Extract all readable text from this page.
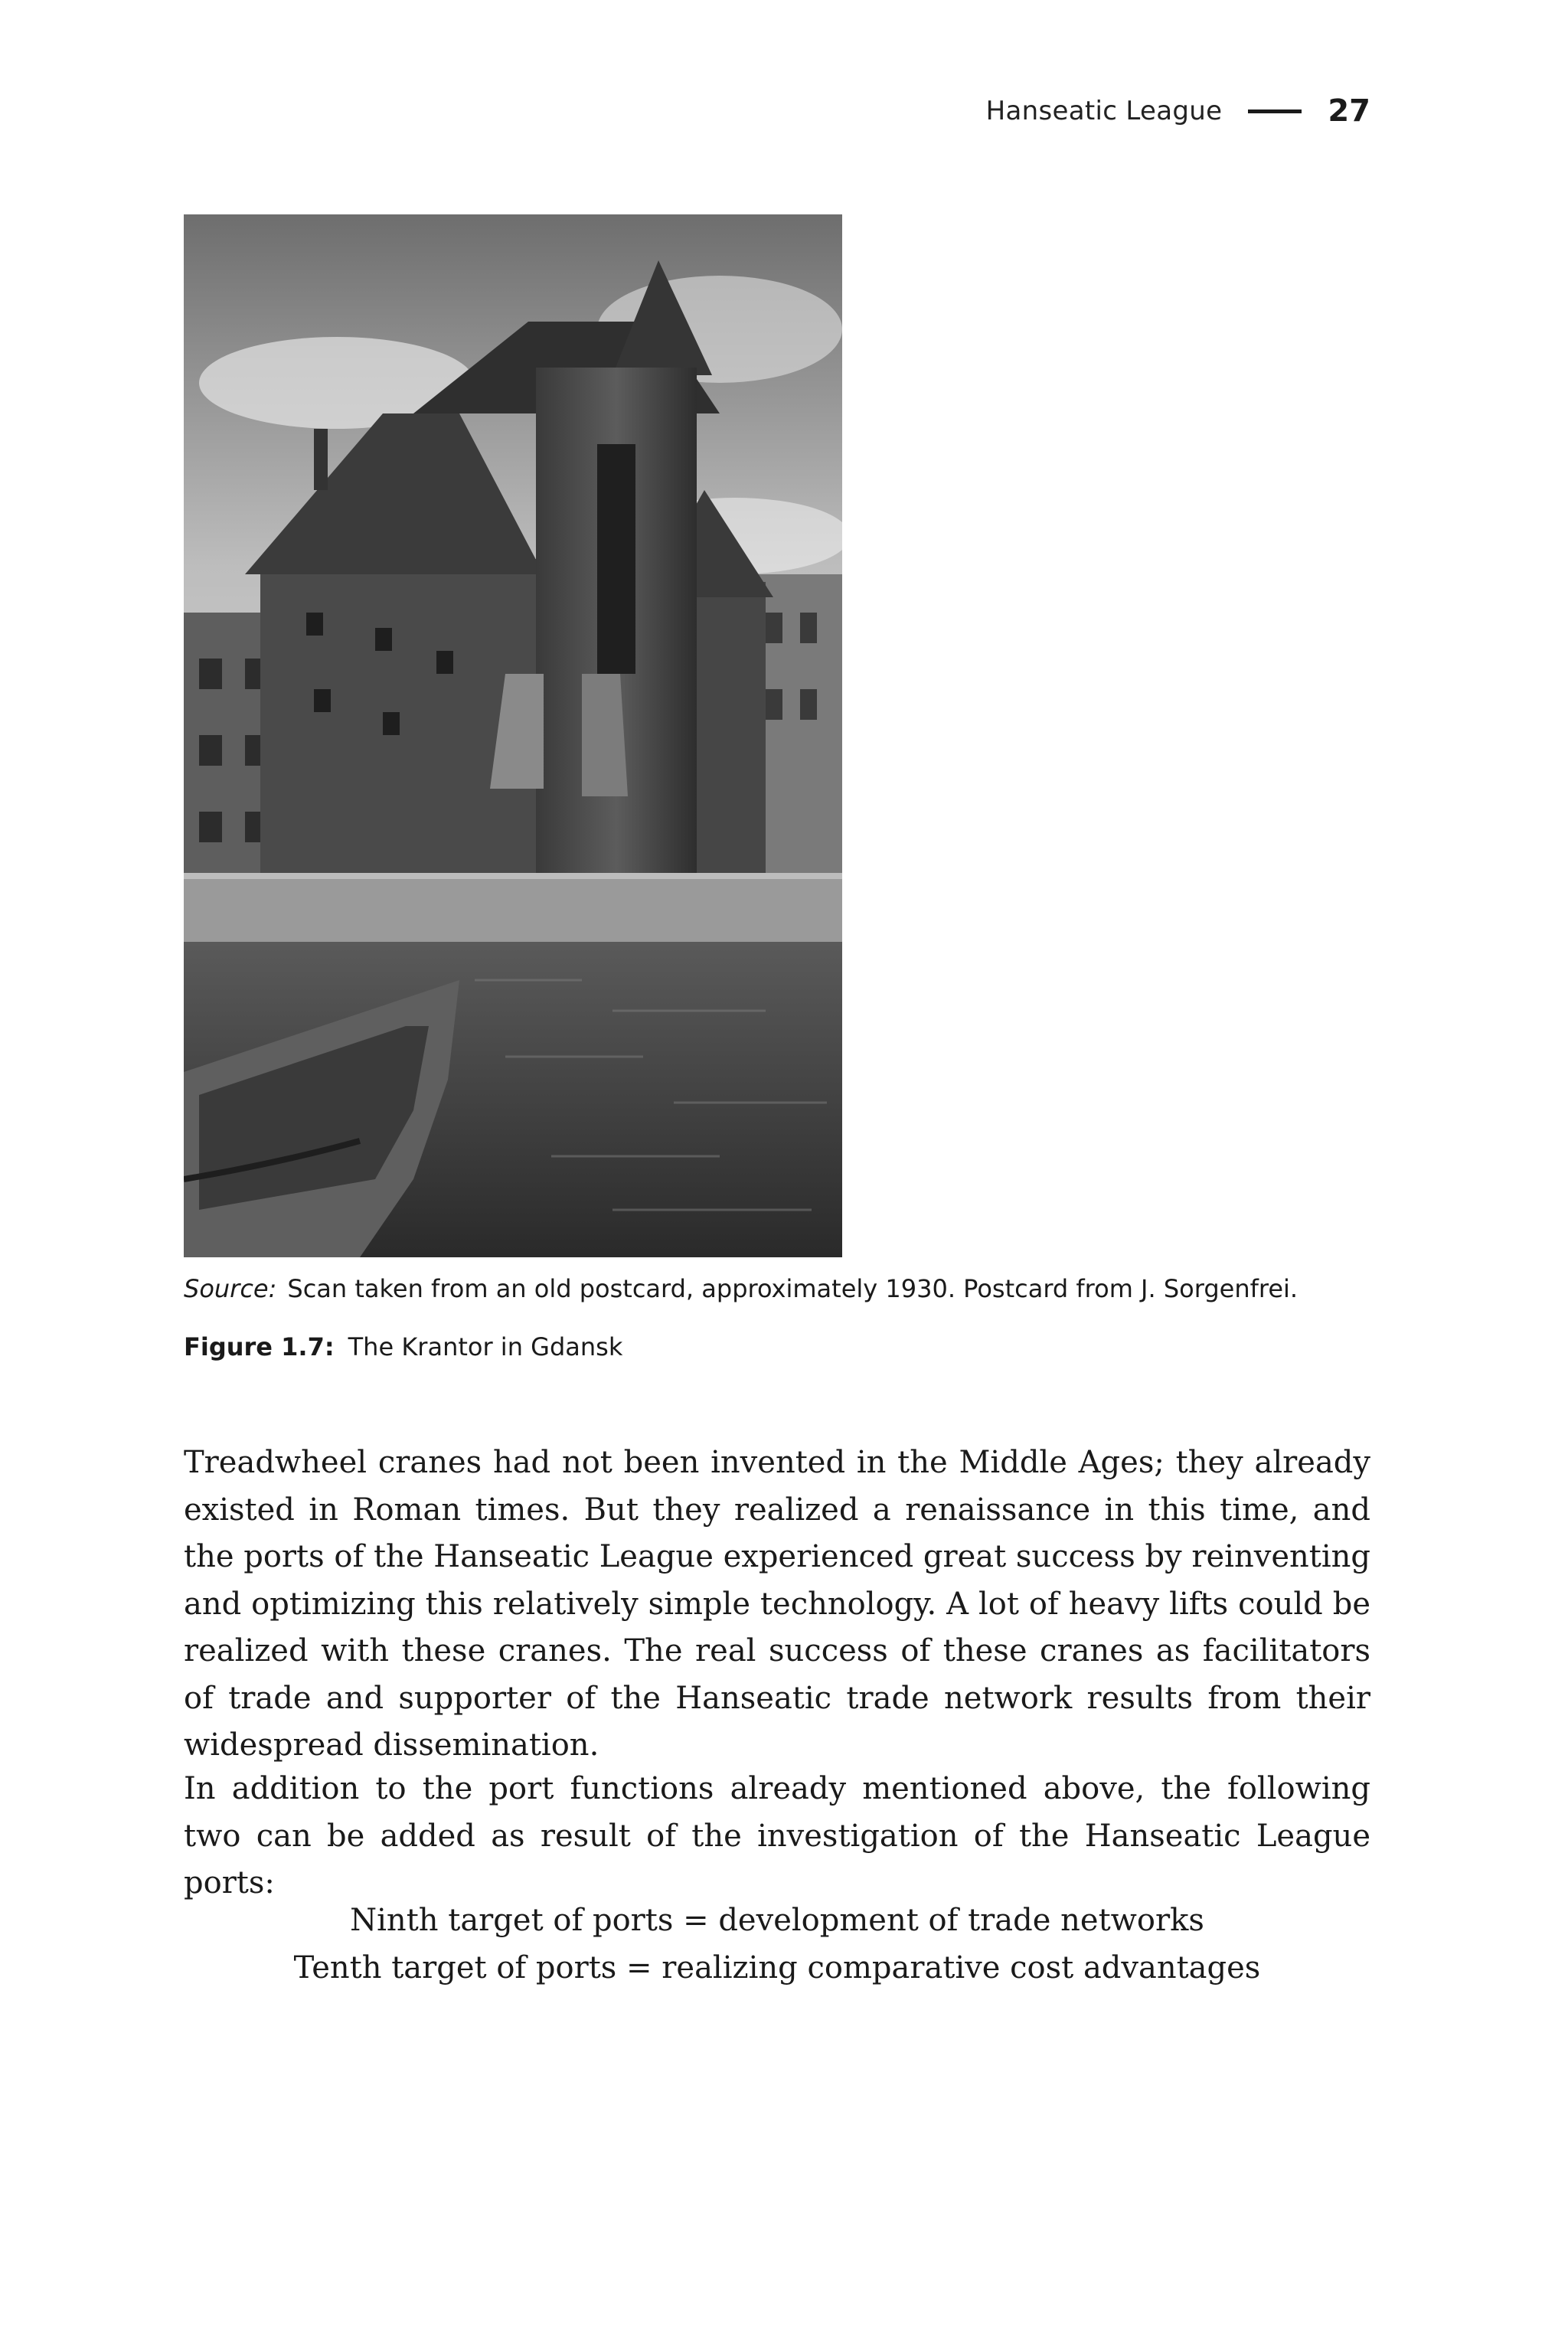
Hanseatic League	27
Source: Scan taken from an old postcard, approximately 1930. Postcard from J. Sorgenfrei.
Figure 1.7: The Krantor in Gdansk

Treadwheel cranes had not been invented in the Middle Ages; they already existed in Roman times. But they realized a renaissance in this time, and the ports of the Hanseatic League experienced great success by reinventing and optimizing this relatively simple technology. A lot of heavy lifts could be realized with these cranes. The real success of these cranes as facilitators of trade and supporter of the Hanseatic trade network results from their widespread dissemination.

In addition to the port functions already mentioned above, the following two can be added as result of the investigation of the Hanseatic League ports:

Ninth target of ports = development of trade networks
Tenth target of ports = realizing comparative cost advantages
